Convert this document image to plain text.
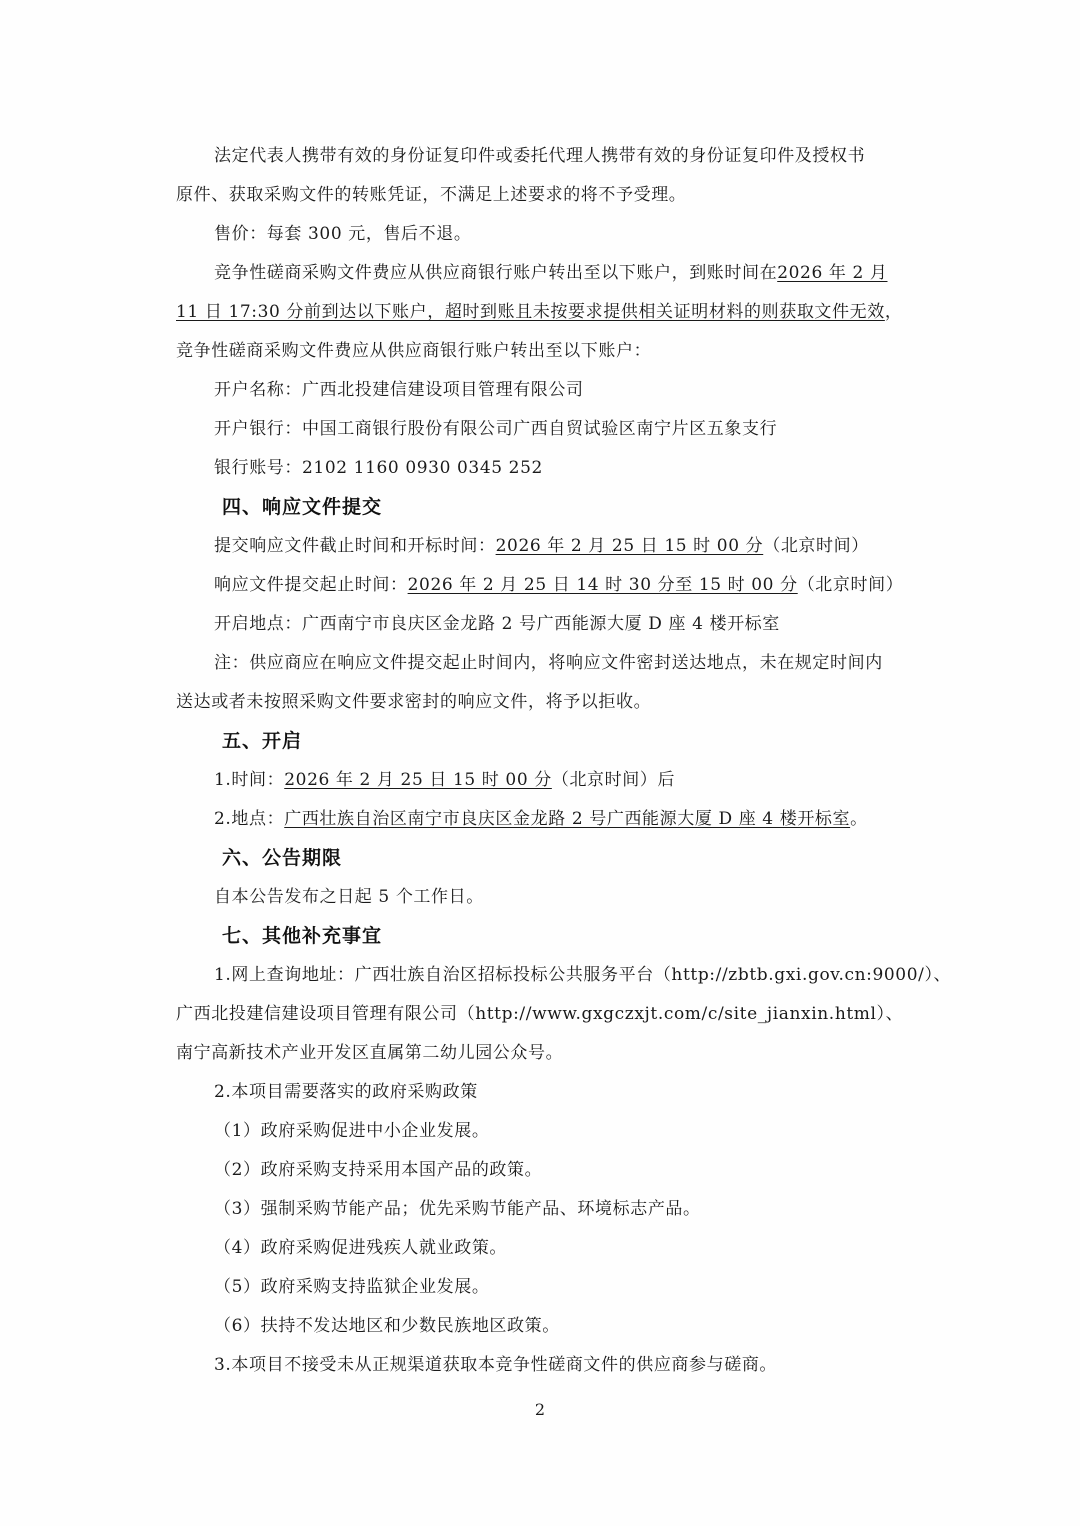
法定代表人携带有效的身份证复印件或委托代理人携带有效的身份证复印件及授权书
原件、获取采购文件的转账凭证，不满足上述要求的将不予受理。
售价：每套 300 元，售后不退。
竞争性磋商采购文件费应从供应商银行账户转出至以下账户，到账时间在2026 年 2 月
11 日 17:30 分前到达以下账户，超时到账且未按要求提供相关证明材料的则获取文件无效，
竞争性磋商采购文件费应从供应商银行账户转出至以下账户：
开户名称：广西北投建信建设项目管理有限公司
开户银行：中国工商银行股份有限公司广西自贸试验区南宁片区五象支行
银行账号：2102 1160 0930 0345 252
四、响应文件提交
提交响应文件截止时间和开标时间：2026 年 2 月 25 日 15 时 00 分（北京时间）
响应文件提交起止时间：2026 年 2 月 25 日 14 时 30 分至 15 时 00 分（北京时间）
开启地点：广西南宁市良庆区金龙路 2 号广西能源大厦 D 座 4 楼开标室
注：供应商应在响应文件提交起止时间内，将响应文件密封送达地点，未在规定时间内
送达或者未按照采购文件要求密封的响应文件，将予以拒收。
五、开启
1.时间：2026 年 2 月 25 日 15 时 00 分（北京时间）后
2.地点：广西壮族自治区南宁市良庆区金龙路 2 号广西能源大厦 D 座 4 楼开标室。
六、公告期限
自本公告发布之日起 5 个工作日。
七、其他补充事宜
1.网上查询地址：广西壮族自治区招标投标公共服务平台（http://zbtb.gxi.gov.cn:9000/）、
广西北投建信建设项目管理有限公司（http://www.gxgczxjt.com/c/site_jianxin.html）、
南宁高新技术产业开发区直属第二幼儿园公众号。
2.本项目需要落实的政府采购政策
（1）政府采购促进中小企业发展。
（2）政府采购支持采用本国产品的政策。
（3）强制采购节能产品；优先采购节能产品、环境标志产品。
（4）政府采购促进残疾人就业政策。
（5）政府采购支持监狱企业发展。
（6）扶持不发达地区和少数民族地区政策。
3.本项目不接受未从正规渠道获取本竞争性磋商文件的供应商参与磋商。
2
